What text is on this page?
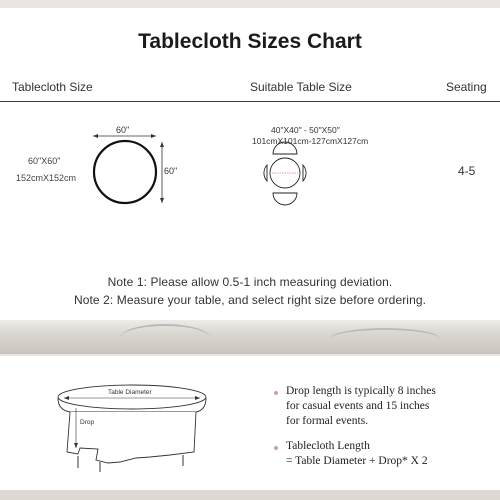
Tablecloth Sizes Chart
Tablecloth Size	Suitable Table Size	Seating
60"X60"
152cmX152cm
60"
60"
40"X40" - 50"X50"
101cmX101cm-127cmX127cm
4-5
Note 1: Please allow 0.5-1 inch measuring deviation.
Note 2: Measure your table, and select right size before ordering.
Table Diameter
Drop
Drop length is typically 8 inches
for casual events and 15 inches
for formal events.
Tablecloth Length
= Table Diameter + Drop* X 2
